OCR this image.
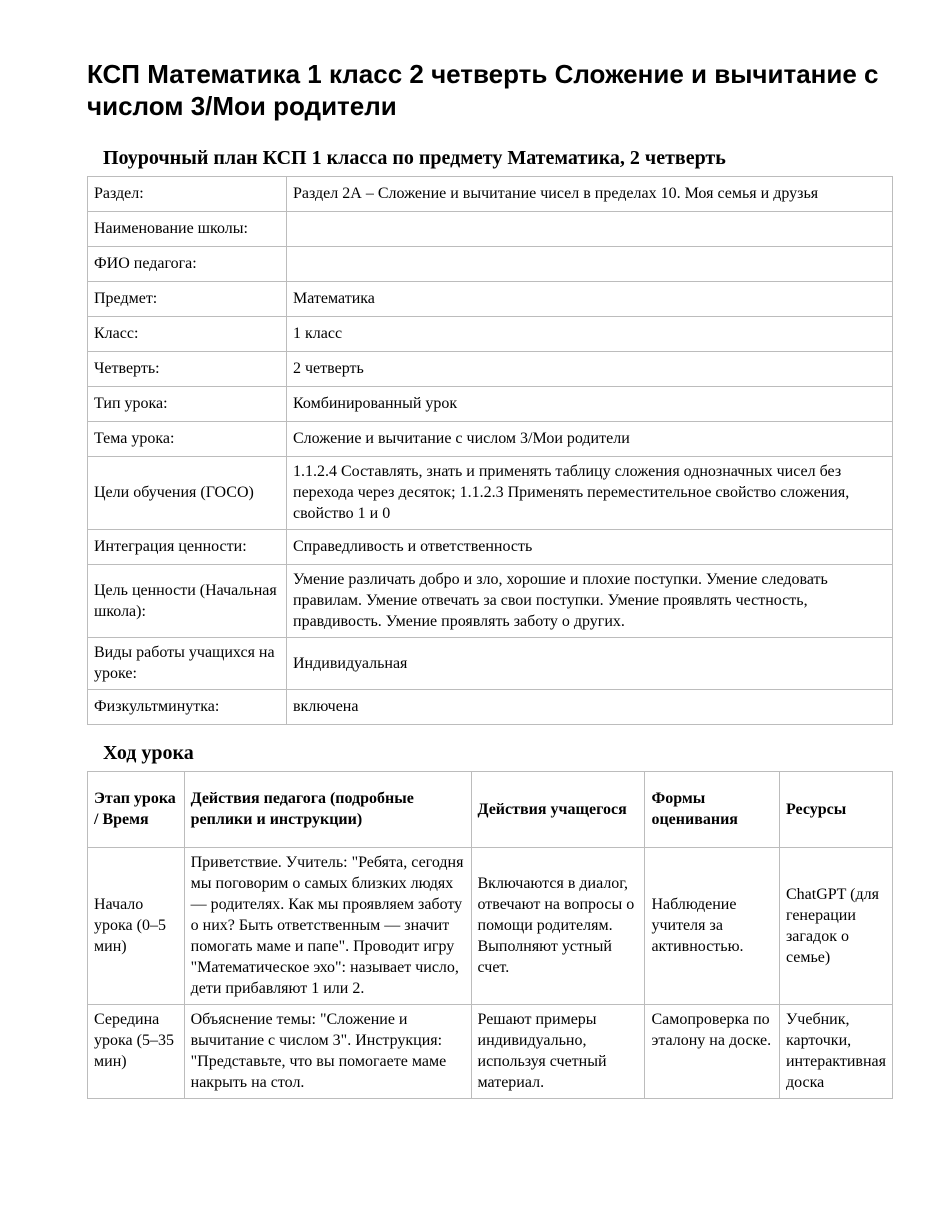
КСП Математика 1 класс 2 четверть Сложение и вычитание с числом 3/Мои родители
Поурочный план КСП 1 класса по предмету Математика, 2 четверть
Раздел:	Раздел 2А – Сложение и вычитание чисел в пределах 10. Моя семья и друзья
Наименование школы:	
ФИО педагога:	
Предмет:	Математика
Класс:	1 класс
Четверть:	2 четверть
Тип урока:	Комбинированный урок
Тема урока:	Сложение и вычитание с числом 3/Мои родители
Цели обучения (ГОСО)	1.1.2.4 Составлять, знать и применять таблицу сложения однозначных чисел без перехода через десяток; 1.1.2.3 Применять переместительное свойство сложения, свойство 1 и 0
Интеграция ценности:	Справедливость и ответственность
Цель ценности (Начальная школа):	Умение различать добро и зло, хорошие и плохие поступки. Умение следовать правилам. Умение отвечать за свои поступки. Умение проявлять честность, правдивость. Умение проявлять заботу о других.
Виды работы учащихся на уроке:	Индивидуальная
Физкультминутка:	включена
Ход урока
Этап урока / Время	Действия педагога (подробные реплики и инструкции)	Действия учащегося	Формы оценивания	Ресурсы
Начало урока (0–5 мин)	Приветствие. Учитель: "Ребята, сегодня мы поговорим о самых близких людях — родителях. Как мы проявляем заботу о них? Быть ответственным — значит помогать маме и папе". Проводит игру "Математическое эхо": называет число, дети прибавляют 1 или 2.	Включаются в диалог, отвечают на вопросы о помощи родителям. Выполняют устный счет.	Наблюдение учителя за активностью.	ChatGPT (для генерации загадок о семье)
Середина урока (5–35 мин)	Объяснение темы: "Сложение и вычитание с числом 3". Инструкция: "Представьте, что вы помогаете маме накрыть на стол.	Решают примеры индивидуально, используя счетный материал.	Самопроверка по эталону на доске.	Учебник, карточки, интерактивная доска
